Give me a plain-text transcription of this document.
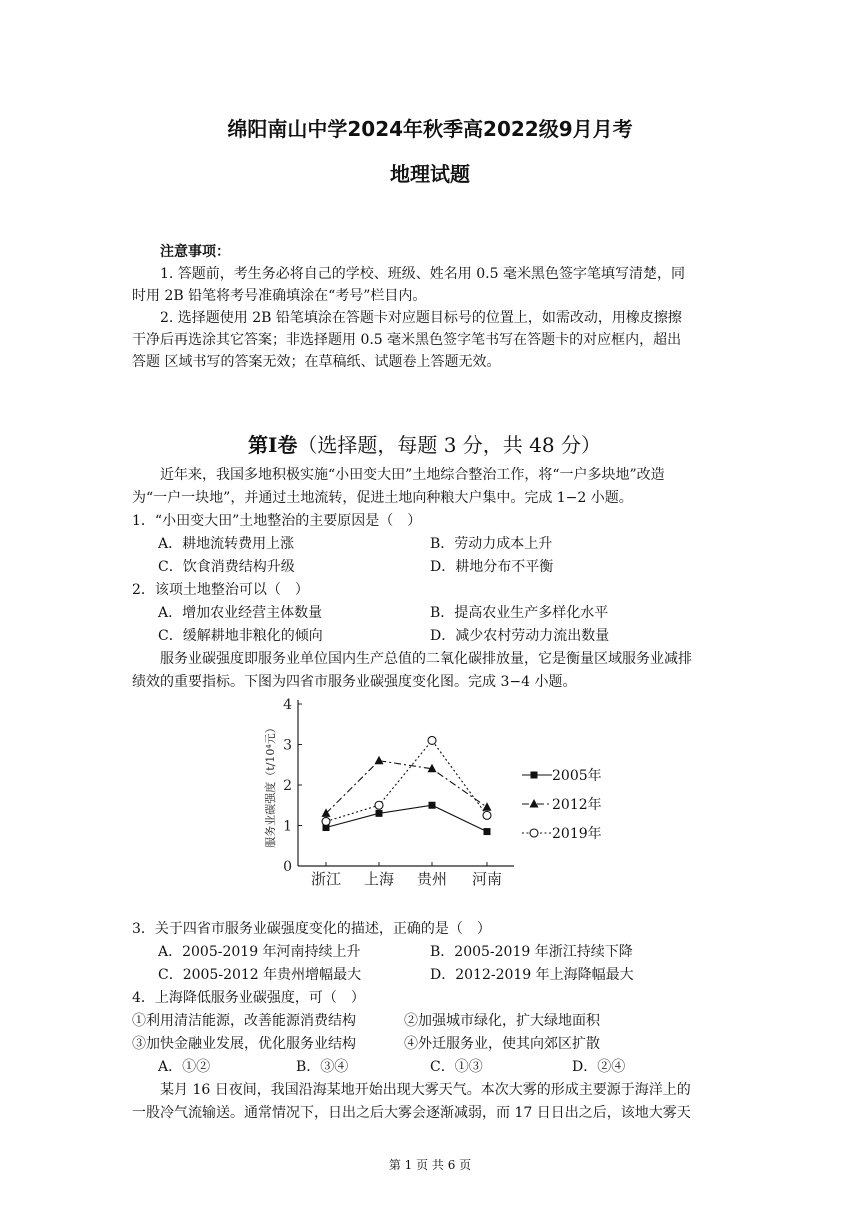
绵阳南山中学2024年秋季高2022级9月月考
地理试题
注意事项：
1. 答题前，考生务必将自己的学校、班级、姓名用 0.5 毫米黑色签字笔填写清楚，同
时用 2B 铅笔将考号准确填涂在“考号”栏目内。
2. 选择题使用 2B 铅笔填涂在答题卡对应题目标号的位置上，如需改动，用橡皮擦擦
干净后再选涂其它答案；非选择题用 0.5 毫米黑色签字笔书写在答题卡的对应框内，超出
答题 区域书写的答案无效；在草稿纸、试题卷上答题无效。
第Ⅰ卷（选择题，每题 3 分，共 48 分）
近年来，我国多地积极实施“小田变大田”土地综合整治工作，将“一户多块地”改造
为“一户一块地”，并通过土地流转，促进土地向种粮大户集中。完成 1−2 小题。
1．“小田变大田”土地整治的主要原因是（　）
A．耕地流转费用上涨	B．劳动力成本上升
C．饮食消费结构升级	D．耕地分布不平衡
2．该项土地整治可以（　）
A．增加农业经营主体数量	B．提高农业生产多样化水平
C．缓解耕地非粮化的倾向	D．减少农村劳动力流出数量
服务业碳强度即服务业单位国内生产总值的二氧化碳排放量，它是衡量区域服务业减排
绩效的重要指标。下图为四省市服务业碳强度变化图。完成 3−4 小题。
0
1
2
3
4
服务业碳强度（t/10⁴元）
浙江 上海 贵州 河南
2005年
2012年
2019年
3．关于四省市服务业碳强度变化的描述，正确的是（　）
A．2005-2019 年河南持续上升	B．2005-2019 年浙江持续下降
C．2005-2012 年贵州增幅最大	D．2012-2019 年上海降幅最大
4．上海降低服务业碳强度，可（　）
①利用清洁能源，改善能源消费结构	②加强城市绿化，扩大绿地面积
③加快金融业发展，优化服务业结构	④外迁服务业，使其向郊区扩散
A．①②	B．③④	C．①③	D．②④
某月 16 日夜间，我国沿海某地开始出现大雾天气。本次大雾的形成主要源于海洋上的
一股冷气流输送。通常情况下，日出之后大雾会逐渐减弱，而 17 日日出之后，该地大雾天
第 1 页 共 6 页
